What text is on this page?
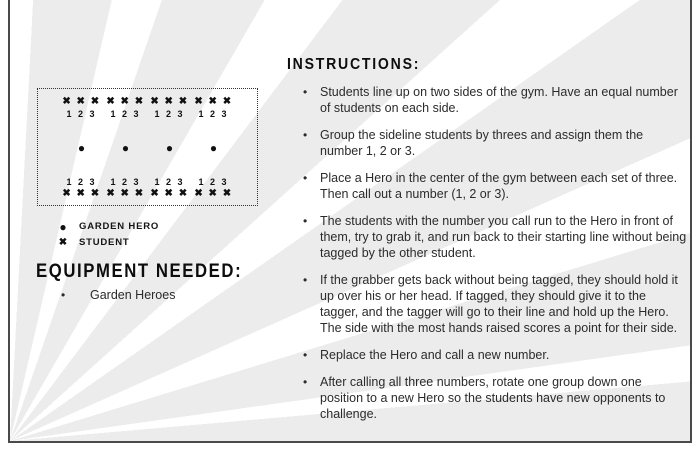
✖ ✖ ✖
1 2 3
✖ ✖ ✖
1 2 3
✖ ✖ ✖
1 2 3
✖ ✖ ✖
1 2 3
●	●	●	●
1 2 3
✖ ✖ ✖
1 2 3
✖ ✖ ✖
1 2 3
✖ ✖ ✖
1 2 3
✖ ✖ ✖
●	GARDEN HERO
✖ STUDENT
EQUIPMENT NEEDED:
• Garden Heroes
INSTRUCTIONS:
• Students line up on two sides of the gym. Have an equal number of students on each side.
• Group the sideline students by threes and assign them the number 1, 2 or 3.
• Place a Hero in the center of the gym between each set of three. Then call out a number (1, 2 or 3).
• The students with the number you call run to the Hero in front of them, try to grab it, and run back to their starting line without being tagged by the other student.
• If the grabber gets back without being tagged, they should hold it up over his or her head. If tagged, they should give it to the tagger, and the tagger will go to their line and hold up the Hero. The side with the most hands raised scores a point for their side.
• Replace the Hero and call a new number.
• After calling all three numbers, rotate one group down one position to a new Hero so the students have new opponents to challenge.
